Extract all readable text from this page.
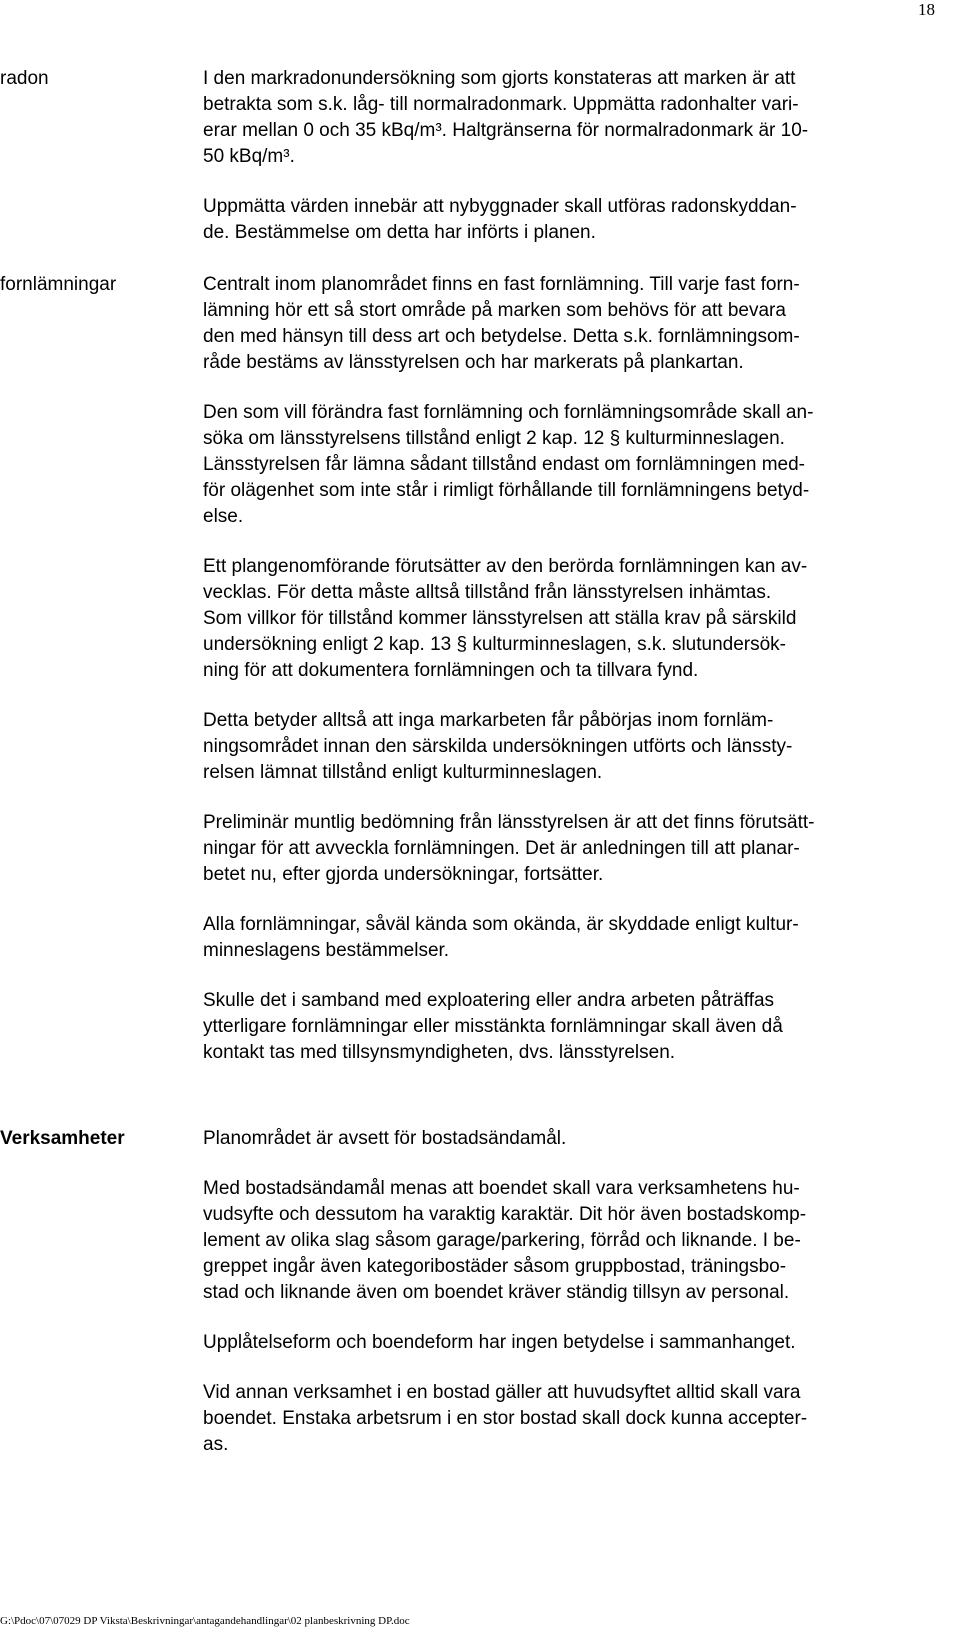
18
radon	I den markradonundersökning som gjorts konstateras att marken är att
betrakta som s.k. låg- till normalradonmark. Uppmätta radonhalter vari-
erar mellan 0 och 35 kBq/m³. Haltgränserna för normalradonmark är 10-
50 kBq/m³.

Uppmätta värden innebär att nybyggnader skall utföras radonskyddan-
de. Bestämmelse om detta har införts i planen.

fornlämningar	Centralt inom planområdet finns en fast fornlämning. Till varje fast forn-
lämning hör ett så stort område på marken som behövs för att bevara
den med hänsyn till dess art och betydelse. Detta s.k. fornlämningsom-
råde bestäms av länsstyrelsen och har markerats på plankartan.

Den som vill förändra fast fornlämning och fornlämningsområde skall an-
söka om länsstyrelsens tillstånd enligt 2 kap. 12 § kulturminneslagen.
Länsstyrelsen får lämna sådant tillstånd endast om fornlämningen med-
för olägenhet som inte står i rimligt förhållande till fornlämningens betyd-
else.

Ett plangenomförande förutsätter av den berörda fornlämningen kan av-
vecklas. För detta måste alltså tillstånd från länsstyrelsen inhämtas.
Som villkor för tillstånd kommer länsstyrelsen att ställa krav på särskild
undersökning enligt 2 kap. 13 § kulturminneslagen, s.k. slutundersök-
ning för att dokumentera fornlämningen och ta tillvara fynd.

Detta betyder alltså att inga markarbeten får påbörjas inom fornläm-
ningsområdet innan den särskilda undersökningen utförts och länssty-
relsen lämnat tillstånd enligt kulturminneslagen.

Preliminär muntlig bedömning från länsstyrelsen är att det finns förutsätt-
ningar för att avveckla fornlämningen. Det är anledningen till att planar-
betet nu, efter gjorda undersökningar, fortsätter.

Alla fornlämningar, såväl kända som okända, är skyddade enligt kultur-
minneslagens bestämmelser.

Skulle det i samband med exploatering eller andra arbeten påträffas
ytterligare fornlämningar eller misstänkta fornlämningar skall även då
kontakt tas med tillsynsmyndigheten, dvs. länsstyrelsen.

Verksamheter	Planområdet är avsett för bostadsändamål.

Med bostadsändamål menas att boendet skall vara verksamhetens hu-
vudsyfte och dessutom ha varaktig karaktär. Dit hör även bostadskomp-
lement av olika slag såsom garage/parkering, förråd och liknande. I be-
greppet ingår även kategoribostäder såsom gruppbostad, träningsbo-
stad och liknande även om boendet kräver ständig tillsyn av personal.

Upplåtelseform och boendeform har ingen betydelse i sammanhanget.

Vid annan verksamhet i en bostad gäller att huvudsyftet alltid skall vara
boendet. Enstaka arbetsrum i en stor bostad skall dock kunna accepter-
as.

G:\Pdoc\07\07029 DP Viksta\Beskrivningar\antagandehandlingar\02 planbeskrivning DP.doc
